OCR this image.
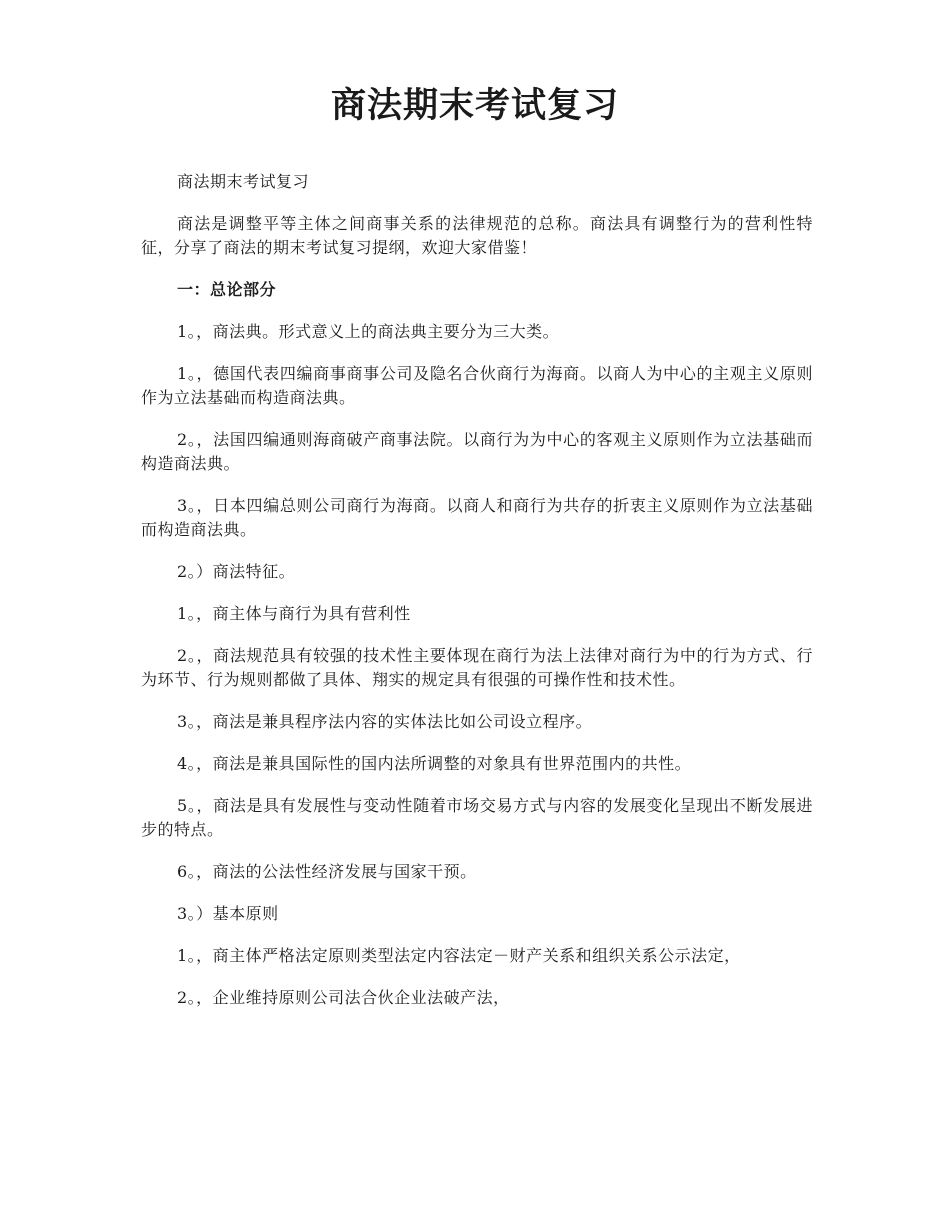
商法期末考试复习

商法期末考试复习

商法是调整平等主体之间商事关系的法律规范的总称。商法具有调整行为的营利性特征，分享了商法的期末考试复习提纲，欢迎大家借鉴！

一：总论部分

1。，商法典。形式意义上的商法典主要分为三大类。

1。，德国代表四编商事商事公司及隐名合伙商行为海商。以商人为中心的主观主义原则作为立法基础而构造商法典。

2。，法国四编通则海商破产商事法院。以商行为为中心的客观主义原则作为立法基础而构造商法典。

3。，日本四编总则公司商行为海商。以商人和商行为共存的折衷主义原则作为立法基础而构造商法典。

2。）商法特征。

1。，商主体与商行为具有营利性

2。，商法规范具有较强的技术性主要体现在商行为法上法律对商行为中的行为方式、行为环节、行为规则都做了具体、翔实的规定具有很强的可操作性和技术性。

3。，商法是兼具程序法内容的实体法比如公司设立程序。

4。，商法是兼具国际性的国内法所调整的对象具有世界范围内的共性。

5。，商法是具有发展性与变动性随着市场交易方式与内容的发展变化呈现出不断发展进步的特点。

6。，商法的公法性经济发展与国家干预。

3。）基本原则

1。，商主体严格法定原则类型法定内容法定－财产关系和组织关系公示法定，

2。，企业维持原则公司法合伙企业法破产法，
